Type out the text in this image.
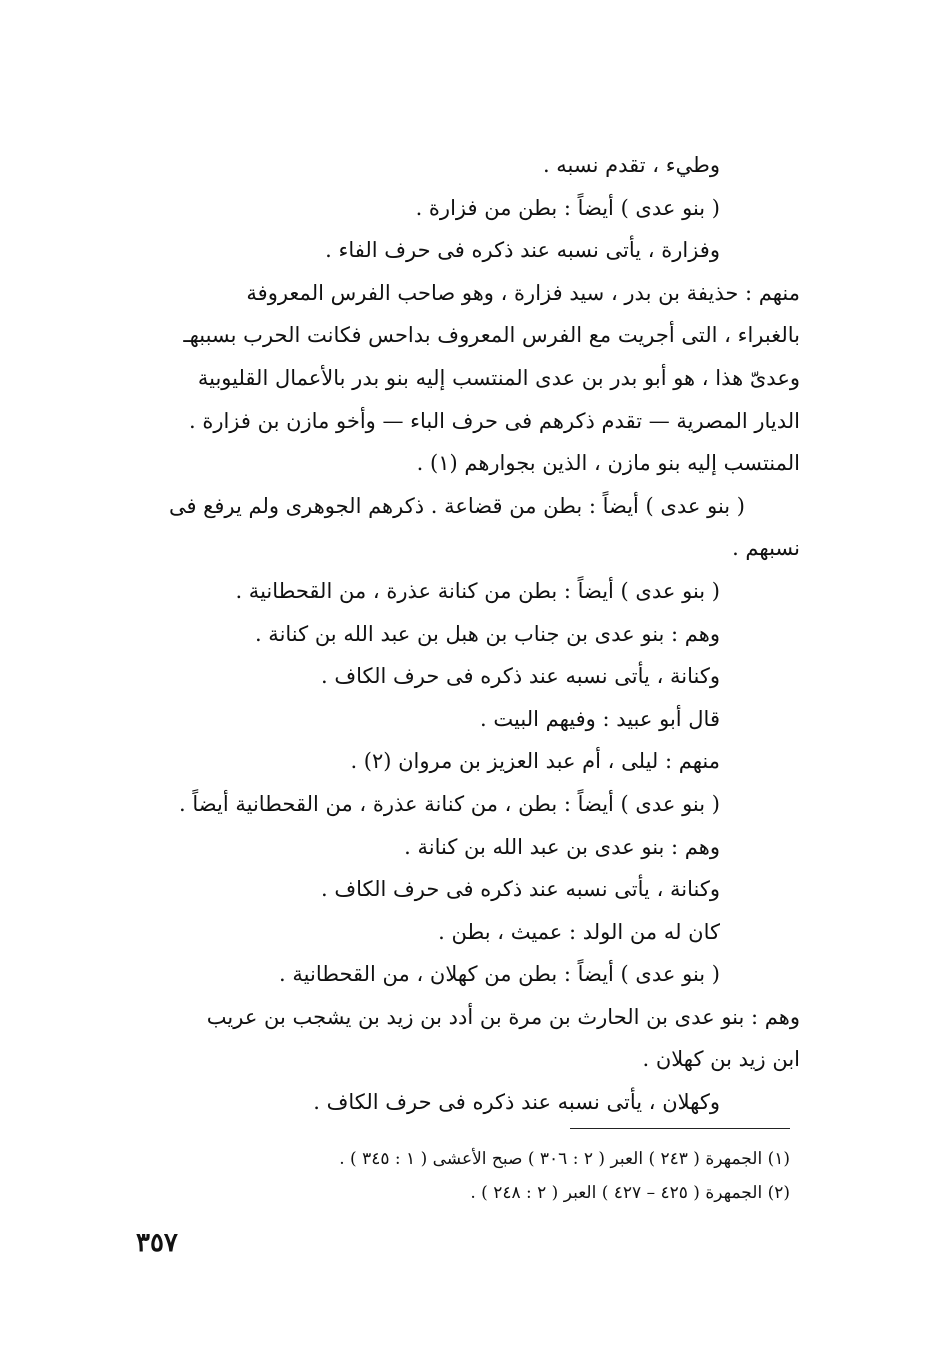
وطيء ، تقدم نسبه .
( بنو عدى ) أيضاً : بطن من فزارة .
وفزارة ، يأتى نسبه عند ذكره فى حرف الفاء .
منهم : حذيفة بن بدر ، سيد فزارة ، وهو صاحب الفرس المعروفة
بالغبراء ، التى أجريت مع الفرس المعروف بداحس فكانت الحرب بسببهـ
وعدىّ هذا ، هو أبو بدر بن عدى المنتسب إليه بنو بدر بالأعمال القليوبية
الديار المصرية — تقدم ذكرهم فى حرف الباء — وأخو مازن بن فزارة .
المنتسب إليه بنو مازن ، الذين بجوارهم (١) .
( بنو عدى ) أيضاً : بطن من قضاعة . ذكرهم الجوهرى ولم يرفع فى
نسبهم .
( بنو عدى ) أيضاً : بطن من كنانة عذرة ، من القحطانية .
وهم : بنو عدى بن جناب بن هبل بن عبد الله بن كنانة .
وكنانة ، يأتى نسبه عند ذكره فى حرف الكاف .
قال أبو عبيد : وفيهم البيت .
منهم : ليلى ، أم عبد العزيز بن مروان (٢) .
( بنو عدى ) أيضاً : بطن ، من كنانة عذرة ، من القحطانية أيضاً .
وهم : بنو عدى بن عبد الله بن كنانة .
وكنانة ، يأتى نسبه عند ذكره فى حرف الكاف .
كان له من الولد : عميث ، بطن .
( بنو عدى ) أيضاً : بطن من كهلان ، من القحطانية .
وهم : بنو عدى بن الحارث بن مرة بن أدد بن زيد بن يشجب بن عريب
ابن زيد بن كهلان .
وكهلان ، يأتى نسبه عند ذكره فى حرف الكاف .
(١) الجمهرة ( ٢٤٣ ) العبر ( ٢ : ٣٠٦ ) صبح الأعشى ( ١ : ٣٤٥ ) .
(٢) الجمهرة ( ٤٢٥ – ٤٢٧ ) العبر ( ٢ : ٢٤٨ ) .
٣٥٧
